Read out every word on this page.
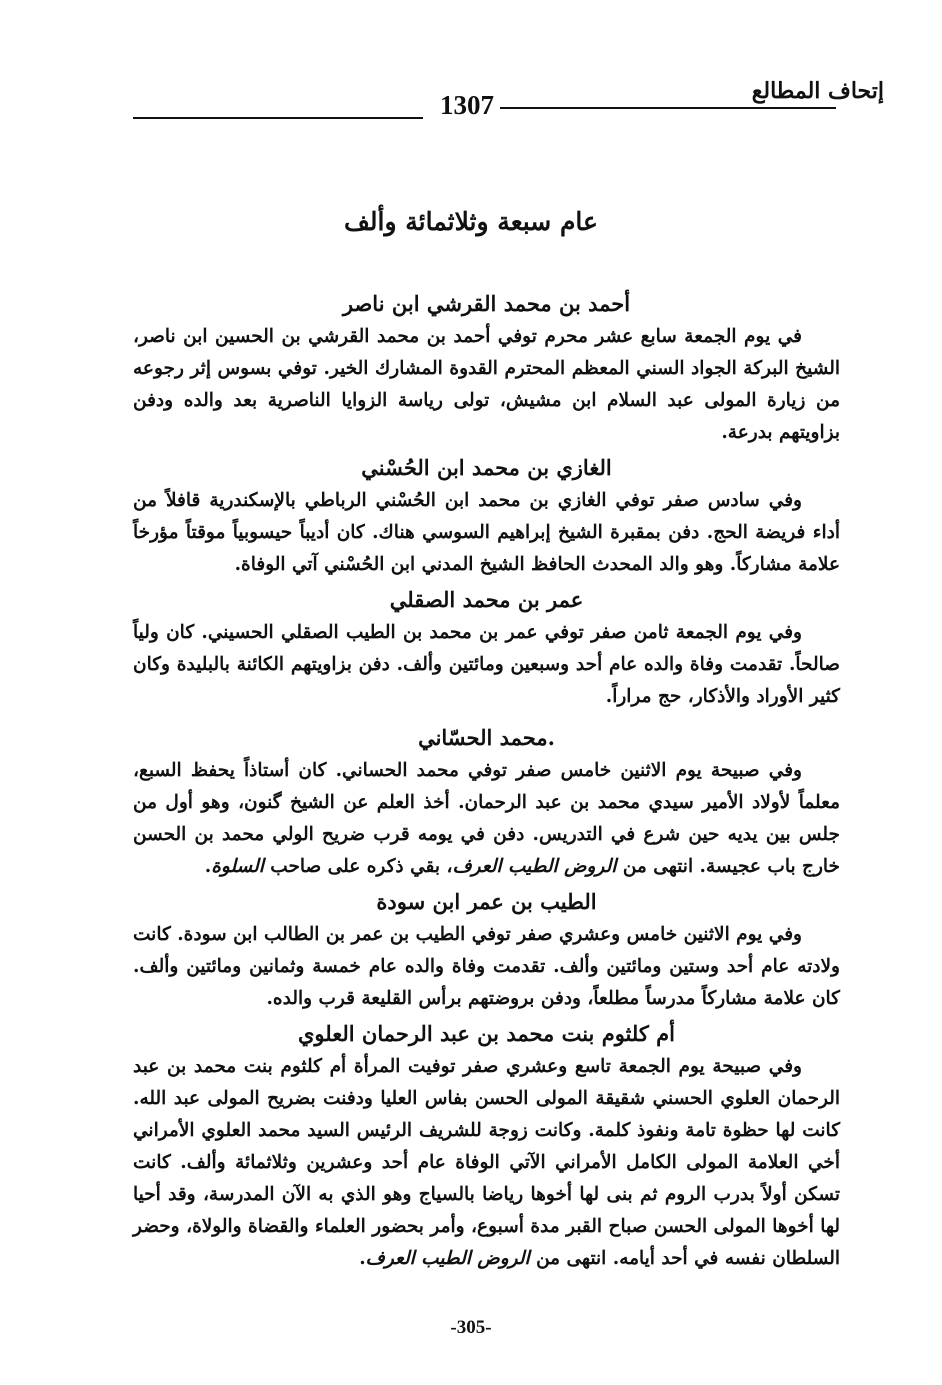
إتحاف المطالع
1307
عام سبعة وثلاثمائة وألف
أحمد بن محمد القرشي ابن ناصر

في يوم الجمعة سابع عشر محرم توفي أحمد بن محمد القرشي بن الحسين ابن ناصر، الشيخ البركة الجواد السني المعظم المحترم القدوة المشارك الخير. توفي بسوس إثر رجوعه من زيارة المولى عبد السلام ابن مشيش، تولى رياسة الزوايا الناصرية بعد والده ودفن بزاويتهم بدرعة.

الغازي بن محمد ابن الحُسْني

وفي سادس صفر توفي الغازي بن محمد ابن الحُسْني الرباطي بالإسكندرية قافلاً من أداء فريضة الحج. دفن بمقبرة الشيخ إبراهيم السوسي هناك. كان أديباً حيسوبياً موقتاً مؤرخاً علامة مشاركاً. وهو والد المحدث الحافظ الشيخ المدني ابن الحُسْني آتي الوفاة.

عمر بن محمد الصقلي

وفي يوم الجمعة ثامن صفر توفي عمر بن محمد بن الطيب الصقلي الحسيني. كان ولياً صالحاً. تقدمت وفاة والده عام أحد وسبعين ومائتين وألف. دفن بزاويتهم الكائنة بالبليدة وكان كثير الأوراد والأذكار، حج مراراً.

.محمد الحسّاني

وفي صبيحة يوم الاثنين خامس صفر توفي محمد الحساني. كان أستاذاً يحفظ السبع، معلماً لأولاد الأمير سيدي محمد بن عبد الرحمان. أخذ العلم عن الشيخ گنون، وهو أول من جلس بين يديه حين شرع في التدريس. دفن في يومه قرب ضريح الولي محمد بن الحسن خارج باب عجيسة. انتهى من الروض الطيب العرف، بقي ذكره على صاحب السلوة.

الطيب بن عمر ابن سودة

وفي يوم الاثنين خامس وعشري صفر توفي الطيب بن عمر بن الطالب ابن سودة. كانت ولادته عام أحد وستين ومائتين وألف. تقدمت وفاة والده عام خمسة وثمانين ومائتين وألف. كان علامة مشاركاً مدرساً مطلعاً، ودفن بروضتهم برأس القليعة قرب والده.

أم كلثوم بنت محمد بن عبد الرحمان العلوي

وفي صبيحة يوم الجمعة تاسع وعشري صفر توفيت المرأة أم كلثوم بنت محمد بن عبد الرحمان العلوي الحسني شقيقة المولى الحسن بفاس العليا ودفنت بضريح المولى عبد الله. كانت لها حظوة تامة ونفوذ كلمة. وكانت زوجة للشريف الرئيس السيد محمد العلوي الأمراني أخي العلامة المولى الكامل الأمراني الآتي الوفاة عام أحد وعشرين وثلاثمائة وألف. كانت تسكن أولاً بدرب الروم ثم بنى لها أخوها رياضا بالسياج وهو الذي به الآن المدرسة، وقد أحيا لها أخوها المولى الحسن صباح القبر مدة أسبوع، وأمر بحضور العلماء والقضاة والولاة، وحضر السلطان نفسه في أحد أيامه. انتهى من الروض الطيب العرف.

-305-
